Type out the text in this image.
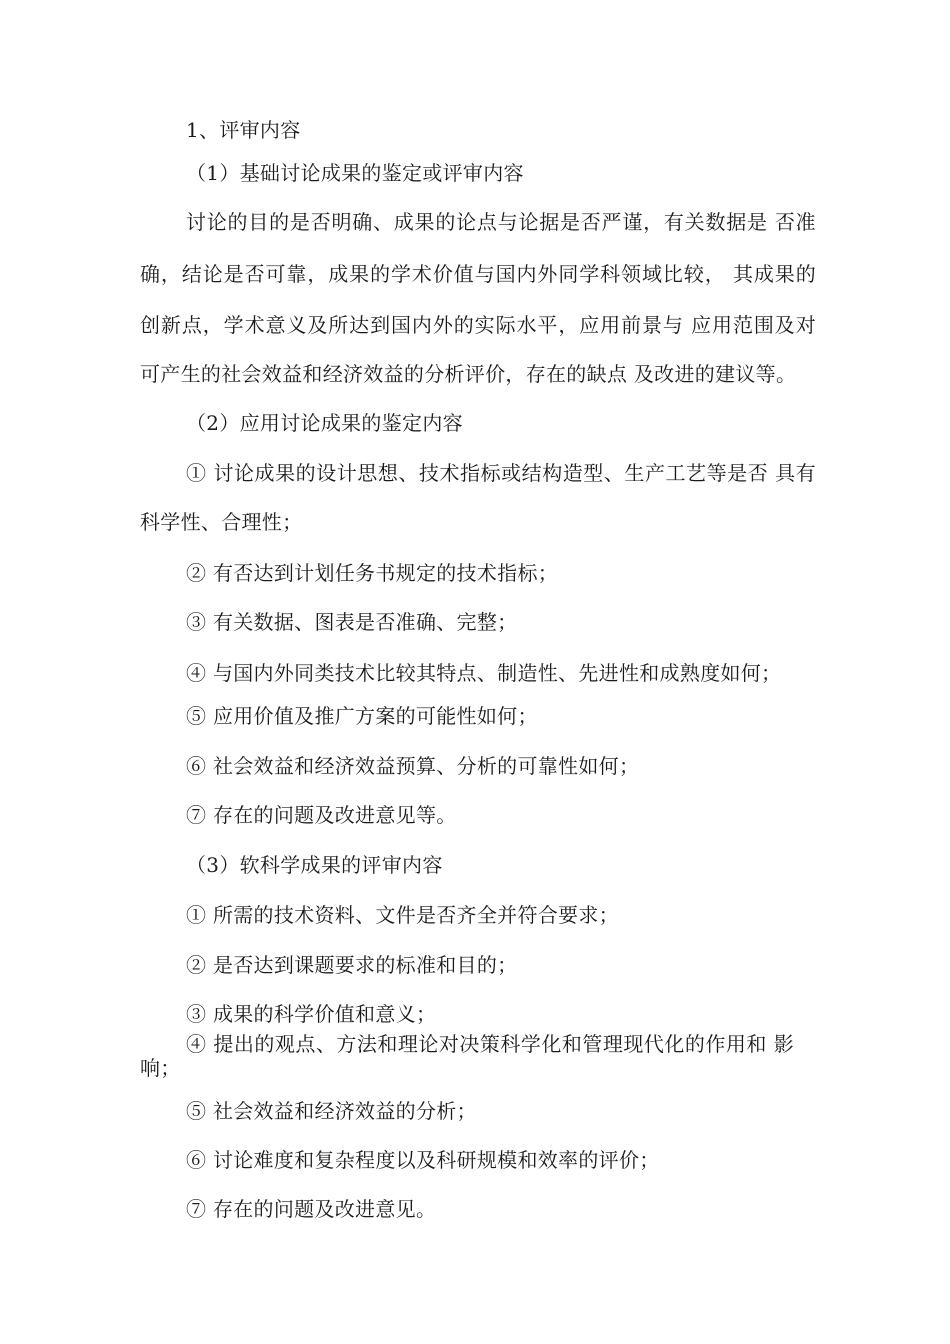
1、评审内容
（1）基础讨论成果的鉴定或评审内容
讨论的目的是否明确、成果的论点与论据是否严谨，有关数据是 否准
确，结论是否可靠，成果的学术价值与国内外同学科领域比较， 其成果的
创新点，学术意义及所达到国内外的实际水平，应用前景与 应用范围及对
可产生的社会效益和经济效益的分析评价，存在的缺点 及改进的建议等。
（2）应用讨论成果的鉴定内容
① 讨论成果的设计思想、技术指标或结构造型、生产工艺等是否 具有
科学性、合理性；
② 有否达到计划任务书规定的技术指标；
③ 有关数据、图表是否准确、完整；
④ 与国内外同类技术比较其特点、制造性、先进性和成熟度如何；
⑤ 应用价值及推广方案的可能性如何；
⑥ 社会效益和经济效益预算、分析的可靠性如何；
⑦ 存在的问题及改进意见等。
（3）软科学成果的评审内容
① 所需的技术资料、文件是否齐全并符合要求；
② 是否达到课题要求的标准和目的；
③ 成果的科学价值和意义；
④ 提出的观点、方法和理论对决策科学化和管理现代化的作用和 影
响；
⑤ 社会效益和经济效益的分析；
⑥ 讨论难度和复杂程度以及科研规模和效率的评价；
⑦ 存在的问题及改进意见。
